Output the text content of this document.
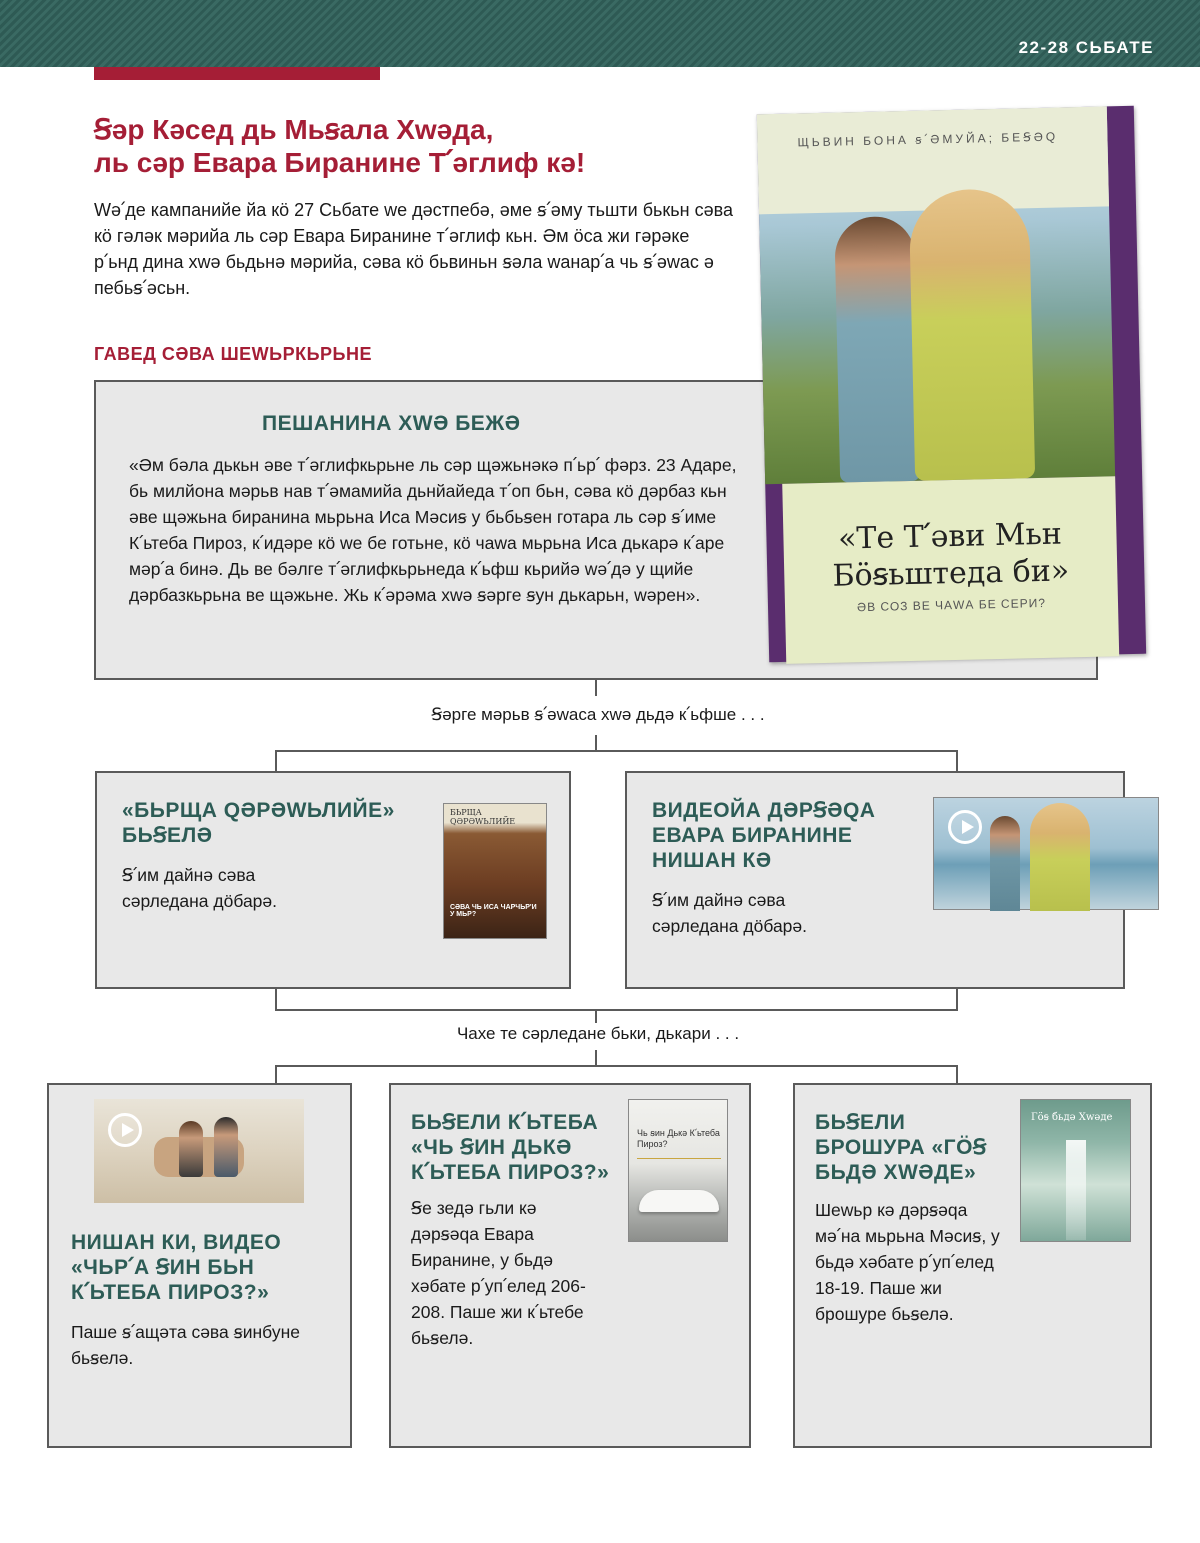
22-28 СЬБАТЕ
Ꞩәр Кәсед дь Мьꞩала Хwәда,
ль сәр Евара Биранине Т՛әглиф кә!

Wә՛де кампанийе йа кӧ 27 Сьбате we дәстпебә, әме ꞩ՛әму тьшти бькьн сәва кӧ гәләк мәрийа ль сәр Евара Биранине т՛әглиф кьн. Әм ӧса жи гәрәке р՛ьнд дина хwә бьдьнә мәрийа, сәва кӧ бьвиньн ꞩәла wанар՛а чь ꞩ՛әwас ә пебьꞩ՛әсьн.

ГАВЕД СӘВА ШЕWЬРКЬРЬНЕ
ПЕШАНИНА ХWӘ БЕЖӘ

«Әм бәла дькьн әве т՛әглифкьрьне ль сәр щәжьнәкә п՛ьр՛ фәрз. 23 Адаре, бь милйона мәрьв нав т՛әмамийа дьнйайеда т՛оп бьн, сәва кӧ дәрбаз кьн әве щәжьна биранина мьрьна Иса Мәсиꞩ у бьбьꞩен готара ль сәр ꞩ՛име К՛ьтеба Пироз, к՛идәре кӧ we бе готьне, кӧ чаwа мьрьна Иса дькарә к՛аре мәр՛а бинә. Дь ве бәлге т՛әглифкьрьнеда к՛ьфш кьрийә wә՛дә у щийе дәрбазкьрьна ве щәжьне. Жь к՛әрәма хwә ꞩәрге ꞩун дькарьн, wәрен».

ЩЬВИН БОНА ꞩ՛ӘМУЙА; БЕꞨӘQ
«Те Т՛әви Мьн
Бӧꞩьштеда би»
ӘВ СОЗ ВЕ ЧАWА БЕ СЕРИ?
Ꞩәрге мәрьв ꞩ՛әwаса хwә дьдә к՛ьфше . . .
«БЬРЩА QӘРӘWЬЛИЙЕ»
БЬꞨЕЛӘ

Ꞩ՛им дайнә сәва сәрледана дӧбарә.

БЬРЩА QӘРӘWЬЛИЙЕ
СӘВА ЧЬ ИСА ЧАРЧЬР'И У МЬР?
ВИДЕОЙА ДӘРꞨӘQА
ЕВАРА БИРАНИНЕ
НИШАН КӘ

Ꞩ՛им дайнә сәва сәрледана дӧбарә.

Чахе те сәрледане бьки, дькари . . .
НИШАН КИ, ВИДЕО
«ЧЬР՛А ꞨИН БЬН
К՛ЬТЕБА ПИРОЗ?»

Паше ꞩ՛ащәта сәва ꞩинбуне бьꞩелә.

БЬꞨЕЛИ К՛ЬТЕБА
«ЧЬ ꞨИН ДЬКӘ
К՛ЬТЕБА ПИРОЗ?»

Ꞩе зедә гьли кә дәрꞩәqа Евара Биранине, у бьдә хәбате р՛уп՛елед 206-208. Паше жи к՛ьтебе бьꞩелә.

Чь ꞩин Дькә К՛ьтеба Пироз?
БЬꞨЕЛИ
БРОШУРА «ГӦꞨ
БЬДӘ ХWӘДЕ»

Шеwьр кә дәрꞩәqа мә՛на мьрьна Мәсиꞩ, у бьдә хәбате р՛уп՛елед 18-19. Паше жи брошуре бьꞩелә.

Гӧꞩ бьдә Хwәде
